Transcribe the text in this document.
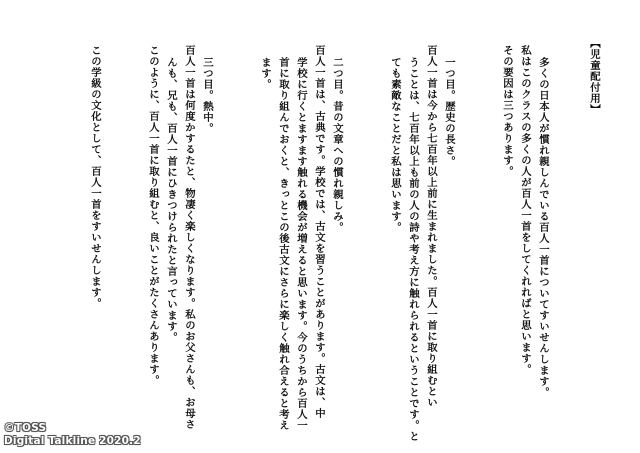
【児童配付用】
多くの日本人が慣れ親しんでいる百人一首についてすいせんします。
私はこのクラスの多くの人が百人一首をしてくれればと思います。
その要因は三つあります。
一つ目。歴史の長さ。
百人一首は今から七百年以上前に生まれました。百人一首に取り組むとい
うことは、七百年以上も前の人の詩や考え方に触れられるということです。と
ても素敵なことだと私は思います。
二つ目。昔の文章への慣れ親しみ。
百人一首は、古典です。学校では、古文を習うことがあります。古文は、中
学校に行くとますます触れる機会が増えると思います。今のうちから百人一
首に取り組んでおくと、きっとこの後古文にさらに楽しく触れ合えると考え
ます。
三つ目。熱中。
百人一首は何度かするたと、物凄く楽しくなります。私のお父さんも、お母さ
んも、兄も、百人一首にひきつけられたと言っています。
このように、百人一首に取り組むと、良いことがたくさんあります。
この学級の文化として、百人一首をすいせんします。
©TOSS
Digital Talkline 2020.2
